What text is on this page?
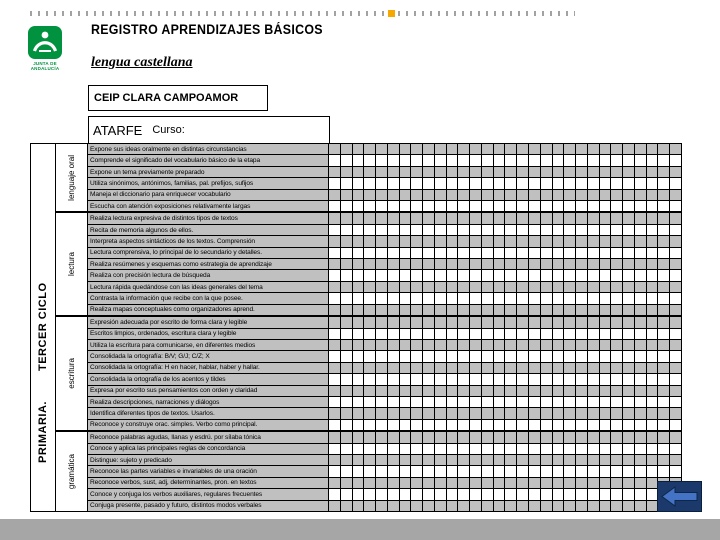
JUNTA DE ANDALUCÍA
REGISTRO APRENDIZAJES BÁSICOS
lengua castellana
CEIP CLARA CAMPOAMOR
ATARFE Curso:
PRIMARIA. TERCER CICLO
lenguaje oral
Expone sus ideas oralmente en distintas circunstancias
Comprende el significado del vocabulario básico de la etapa
Expone un tema previamente preparado
Utiliza sinónimos, antónimos, familias, pal. prefijos, sufijos
Maneja el diccionario para enriquecer vocabulario
Escucha con atención exposiciones relativamente largas
lectura
Realiza lectura expresiva de distintos tipos de textos
Recita de memoria algunos de ellos.
Interpreta aspectos sintácticos de los textos. Comprensión
Lectura comprensiva, lo principal de lo secundario y detalles.
Realiza resúmenes y esquemas como estrategia de aprendizaje
Realiza con precisión lectura de búsqueda
Lectura rápida quedándose con las ideas generales del tema
Contrasta la información que recibe con la que posee.
Realiza mapas conceptuales como organizadores aprend.
escritura
Expresión adecuada por escrito de forma clara y legible
Escritos limpios, ordenados, escritura clara y legible
Utiliza la escritura para comunicarse, en diferentes medios
Consolidada la ortografía: B/V; G/J; C/Z; X
Consolidada la ortografía: H en hacer, hablar, haber y hallar.
Consolidada la ortografía de los acentos y tildes
Expresa por escrito sus pensamientos con orden y claridad
Realiza descripciones, narraciones y diálogos
Identifica diferentes tipos de textos. Usarlos.
Reconoce y construye orac. simples. Verbo como principal.
gramática
Reconoce palabras agudas, llanas y esdrú. por sílaba tónica
Conoce y aplica las principales reglas de concordancia
Distingue: sujeto y predicado
Reconoce las partes variables e invariables de una oración
Reconoce verbos, sust, adj, determinantes, pron. en textos
Conoce y conjuga los verbos auxiliares, regulares frecuentes
Conjuga presente, pasado y futuro, distintos modos verbales
